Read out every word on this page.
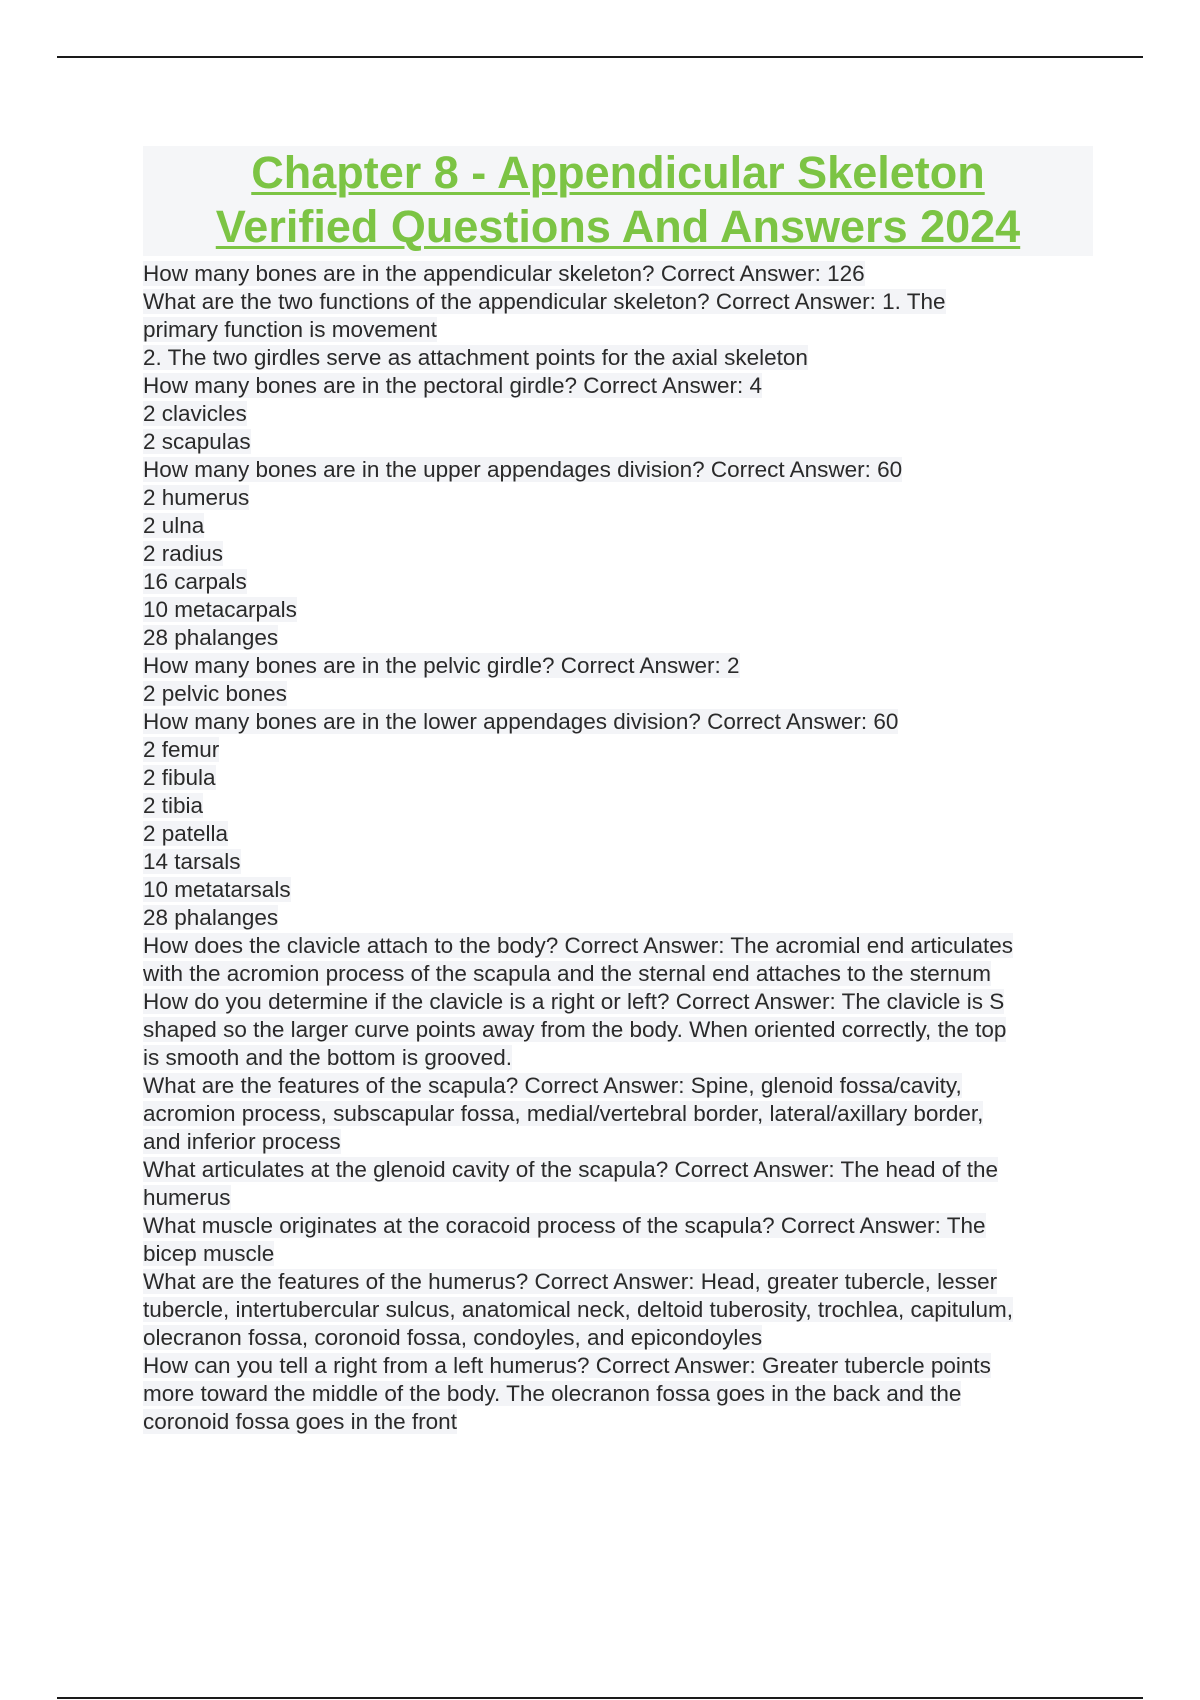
Chapter 8 - Appendicular Skeleton
Verified Questions And Answers 2024
How many bones are in the appendicular skeleton? Correct Answer: 126
What are the two functions of the appendicular skeleton? Correct Answer: 1. The
primary function is movement
2. The two girdles serve as attachment points for the axial skeleton
How many bones are in the pectoral girdle? Correct Answer: 4
2 clavicles
2 scapulas
How many bones are in the upper appendages division? Correct Answer: 60
2 humerus
2 ulna
2 radius
16 carpals
10 metacarpals
28 phalanges
How many bones are in the pelvic girdle? Correct Answer: 2
2 pelvic bones
How many bones are in the lower appendages division? Correct Answer: 60
2 femur
2 fibula
2 tibia
2 patella
14 tarsals
10 metatarsals
28 phalanges
How does the clavicle attach to the body? Correct Answer: The acromial end articulates
with the acromion process of the scapula and the sternal end attaches to the sternum
How do you determine if the clavicle is a right or left? Correct Answer: The clavicle is S
shaped so the larger curve points away from the body. When oriented correctly, the top
is smooth and the bottom is grooved.
What are the features of the scapula? Correct Answer: Spine, glenoid fossa/cavity,
acromion process, subscapular fossa, medial/vertebral border, lateral/axillary border,
and inferior process
What articulates at the glenoid cavity of the scapula? Correct Answer: The head of the
humerus
What muscle originates at the coracoid process of the scapula? Correct Answer: The
bicep muscle
What are the features of the humerus? Correct Answer: Head, greater tubercle, lesser
tubercle, intertubercular sulcus, anatomical neck, deltoid tuberosity, trochlea, capitulum,
olecranon fossa, coronoid fossa, condoyles, and epicondoyles
How can you tell a right from a left humerus? Correct Answer: Greater tubercle points
more toward the middle of the body. The olecranon fossa goes in the back and the
coronoid fossa goes in the front
